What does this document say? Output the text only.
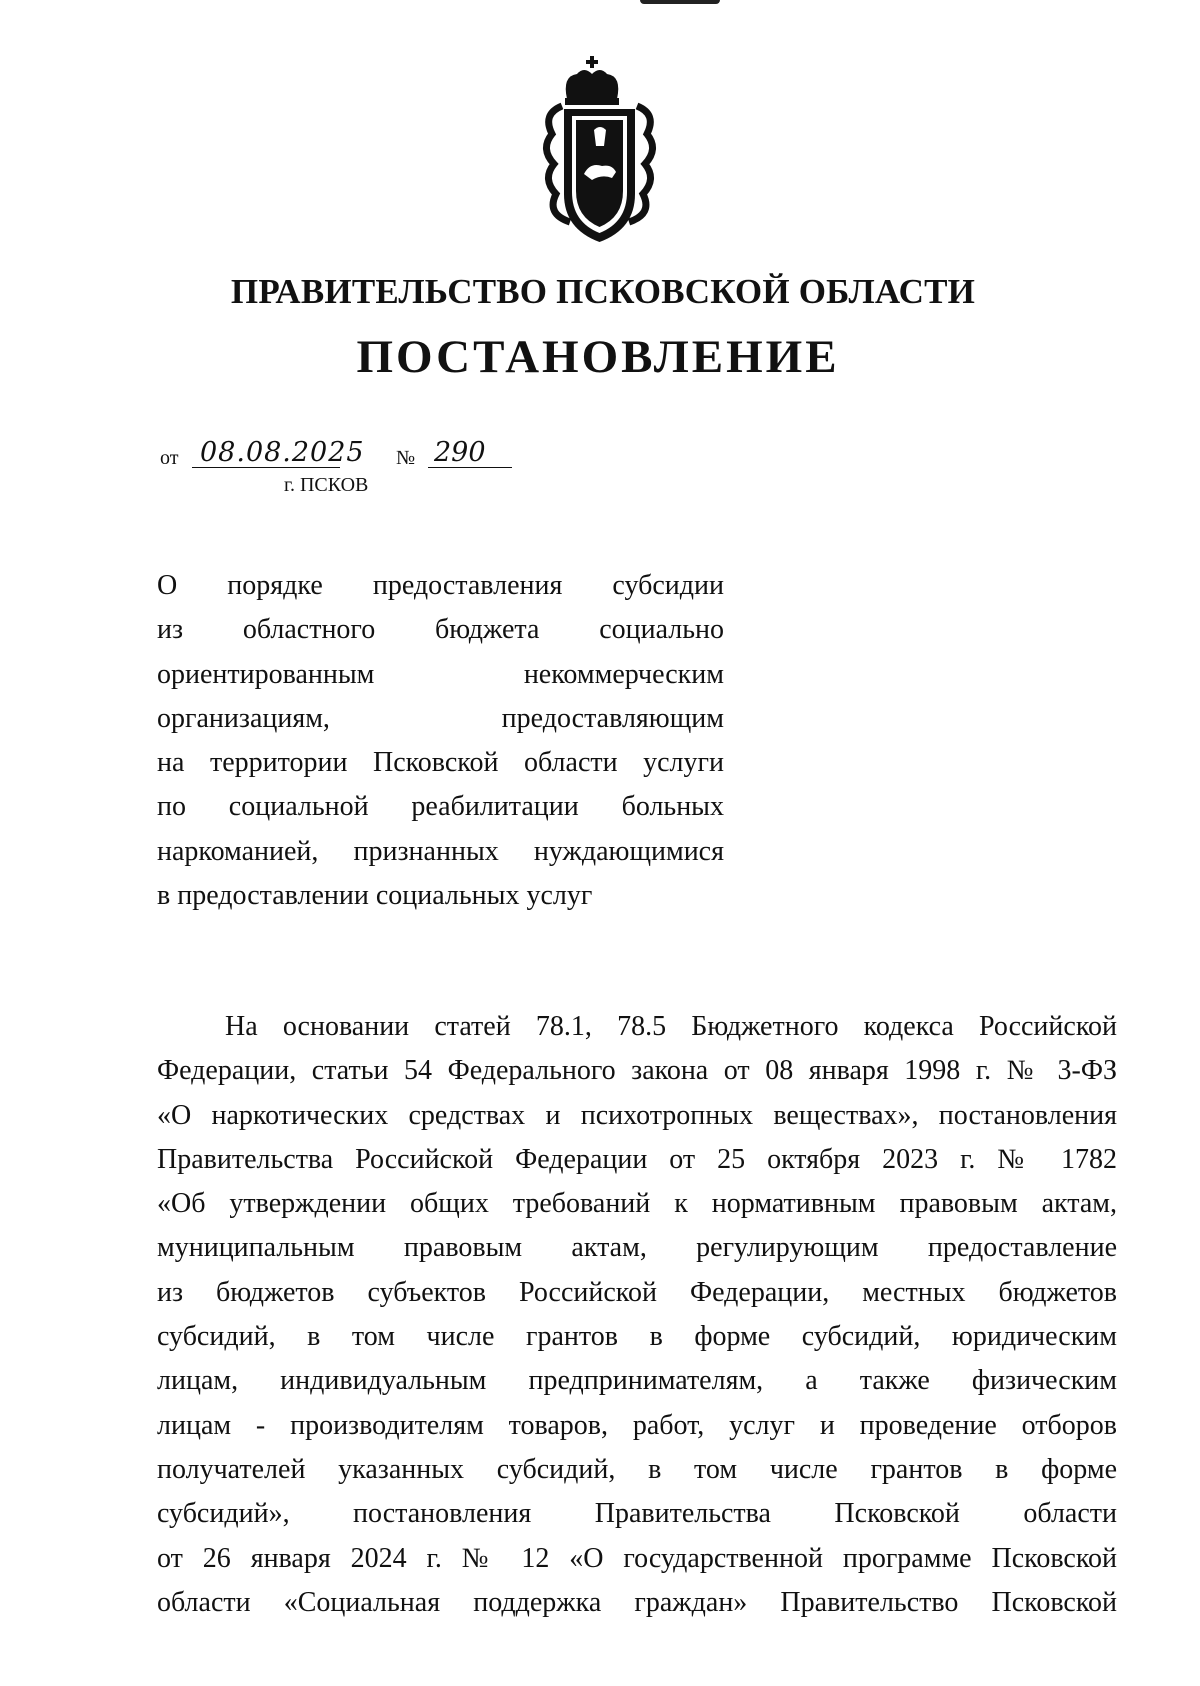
ПРАВИТЕЛЬСТВО ПСКОВСКОЙ ОБЛАСТИ
ПОСТАНОВЛЕНИЕ
от 08.08.2025 № 290
г. ПСКОВ
О порядке предоставления субсидии
из областного бюджета социально
ориентированным некоммерческим
организациям, предоставляющим
на территории Псковской области услуги
по социальной реабилитации больных
наркоманией, признанных нуждающимися
в предоставлении социальных услуг
На основании статей 78.1, 78.5 Бюджетного кодекса Российской
Федерации, статьи 54 Федерального закона от 08 января 1998 г. № 3-ФЗ
«О наркотических средствах и психотропных веществах», постановления
Правительства Российской Федерации от 25 октября 2023 г. № 1782
«Об утверждении общих требований к нормативным правовым актам,
муниципальным правовым актам, регулирующим предоставление
из бюджетов субъектов Российской Федерации, местных бюджетов
субсидий, в том числе грантов в форме субсидий, юридическим
лицам, индивидуальным предпринимателям, а также физическим
лицам - производителям товаров, работ, услуг и проведение отборов
получателей указанных субсидий, в том числе грантов в форме
субсидий», постановления Правительства Псковской области
от 26 января 2024 г. № 12 «О государственной программе Псковской
области «Социальная поддержка граждан» Правительство Псковской
